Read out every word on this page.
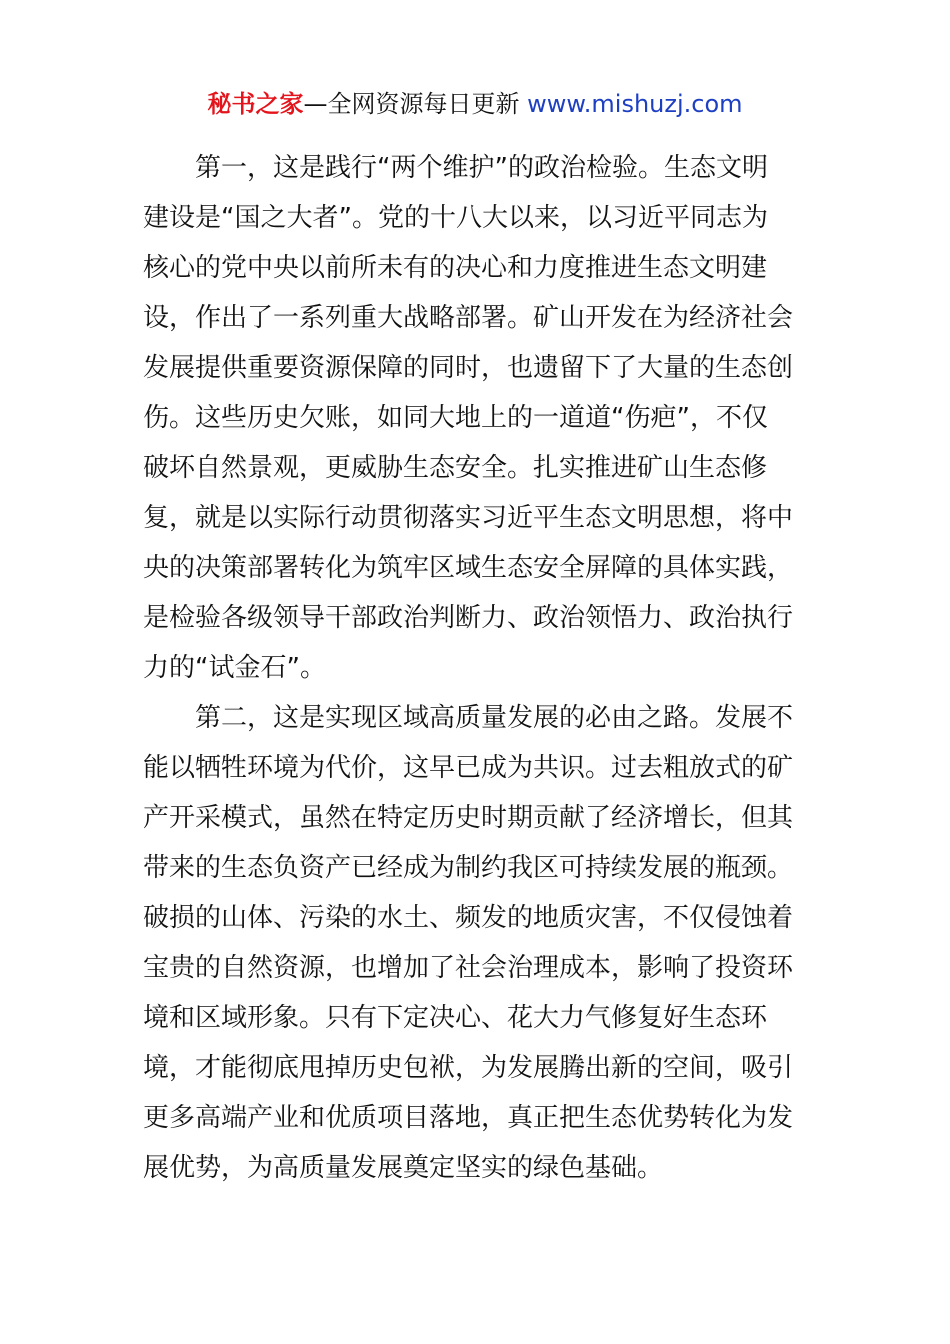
秘书之家—全网资源每日更新 www.mishuzj.com
第一，这是践行“两个维护”的政治检验。生态文明
建设是“国之大者”。党的十八大以来，以习近平同志为
核心的党中央以前所未有的决心和力度推进生态文明建
设，作出了一系列重大战略部署。矿山开发在为经济社会
发展提供重要资源保障的同时，也遗留下了大量的生态创
伤。这些历史欠账，如同大地上的一道道“伤疤”，不仅
破坏自然景观，更威胁生态安全。扎实推进矿山生态修
复，就是以实际行动贯彻落实习近平生态文明思想，将中
央的决策部署转化为筑牢区域生态安全屏障的具体实践，
是检验各级领导干部政治判断力、政治领悟力、政治执行
力的“试金石”。
第二，这是实现区域高质量发展的必由之路。发展不
能以牺牲环境为代价，这早已成为共识。过去粗放式的矿
产开采模式，虽然在特定历史时期贡献了经济增长，但其
带来的生态负资产已经成为制约我区可持续发展的瓶颈。
破损的山体、污染的水土、频发的地质灾害，不仅侵蚀着
宝贵的自然资源，也增加了社会治理成本，影响了投资环
境和区域形象。只有下定决心、花大力气修复好生态环
境，才能彻底甩掉历史包袱，为发展腾出新的空间，吸引
更多高端产业和优质项目落地，真正把生态优势转化为发
展优势，为高质量发展奠定坚实的绿色基础。
